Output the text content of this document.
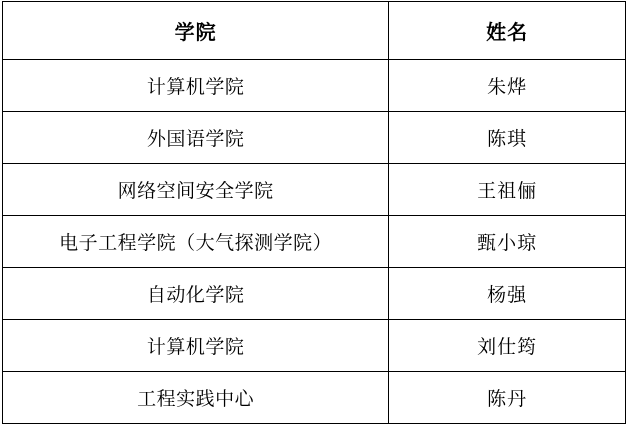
学院	姓名
计算机学院	朱烨
外国语学院	陈琪
网络空间安全学院	王祖俪
电子工程学院（大气探测学院）	甄小琼
自动化学院	杨强
计算机学院	刘仕筠
工程实践中心	陈丹
